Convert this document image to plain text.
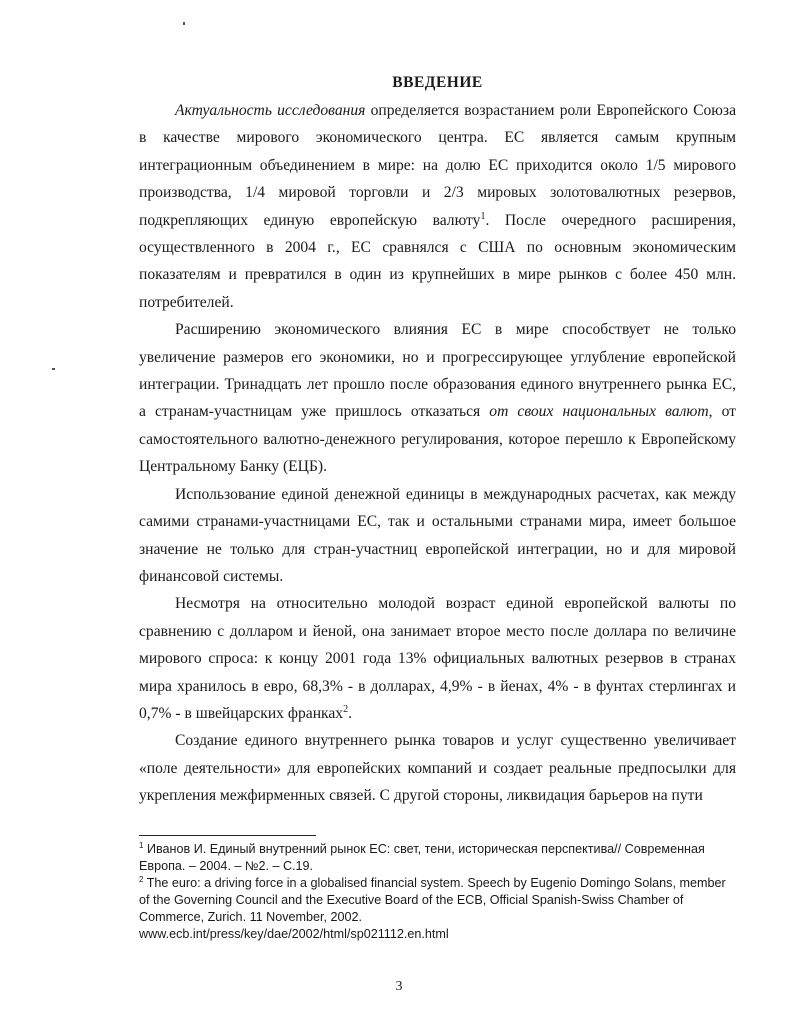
ВВЕДЕНИЕ

Актуальность исследования определяется возрастанием роли Европейского Союза в качестве мирового экономического центра. ЕС является самым крупным интеграционным объединением в мире: на долю ЕС приходится около 1/5 мирового производства, 1/4 мировой торговли и 2/3 мировых золотовалютных резервов, подкрепляющих единую европейскую валюту$^1$. После очередного расширения, осуществленного в 2004 г., ЕС сравнялся с США по основным экономическим показателям и превратился в один из крупнейших в мире рынков с более 450 млн. потребителей.

Расширению экономического влияния ЕС в мире способствует не только увеличение размеров его экономики, но и прогрессирующее углубление европейской интеграции. Тринадцать лет прошло после образования единого внутреннего рынка ЕС, а странам-участницам уже пришлось отказаться от своих национальных валют, от самостоятельного валютно-денежного регулирования, которое перешло к Европейскому Центральному Банку (ЕЦБ).

Использование единой денежной единицы в международных расчетах, как между самими странами-участницами ЕС, так и остальными странами мира, имеет большое значение не только для стран-участниц европейской интеграции, но и для мировой финансовой системы.

Несмотря на относительно молодой возраст единой европейской валюты по сравнению с долларом и йеной, она занимает второе место после доллара по величине мирового спроса: к концу 2001 года 13% официальных валютных резервов в странах мира хранилось в евро, 68,3% - в долларах, 4,9% - в йенах, 4% - в фунтах стерлингах и 0,7% - в швейцарских франках$^2$.

Создание единого внутреннего рынка товаров и услуг существенно увеличивает «поле деятельности» для европейских компаний и создает реальные предпосылки для укрепления межфирменных связей. С другой стороны, ликвидация барьеров на пути

$^1$ Иванов И. Единый внутренний рынок ЕС: свет, тени, историческая перспектива// Современная Европа. – 2004. – №2. – С.19.

$^2$ The euro: a driving force in a globalised financial system. Speech by Eugenio Domingo Solans, member of the Governing Council and the Executive Board of the ECB, Official Spanish-Swiss Chamber of Commerce, Zurich. 11 November, 2002.
www.ecb.int/press/key/dae/2002/html/sp021112.en.html

3
